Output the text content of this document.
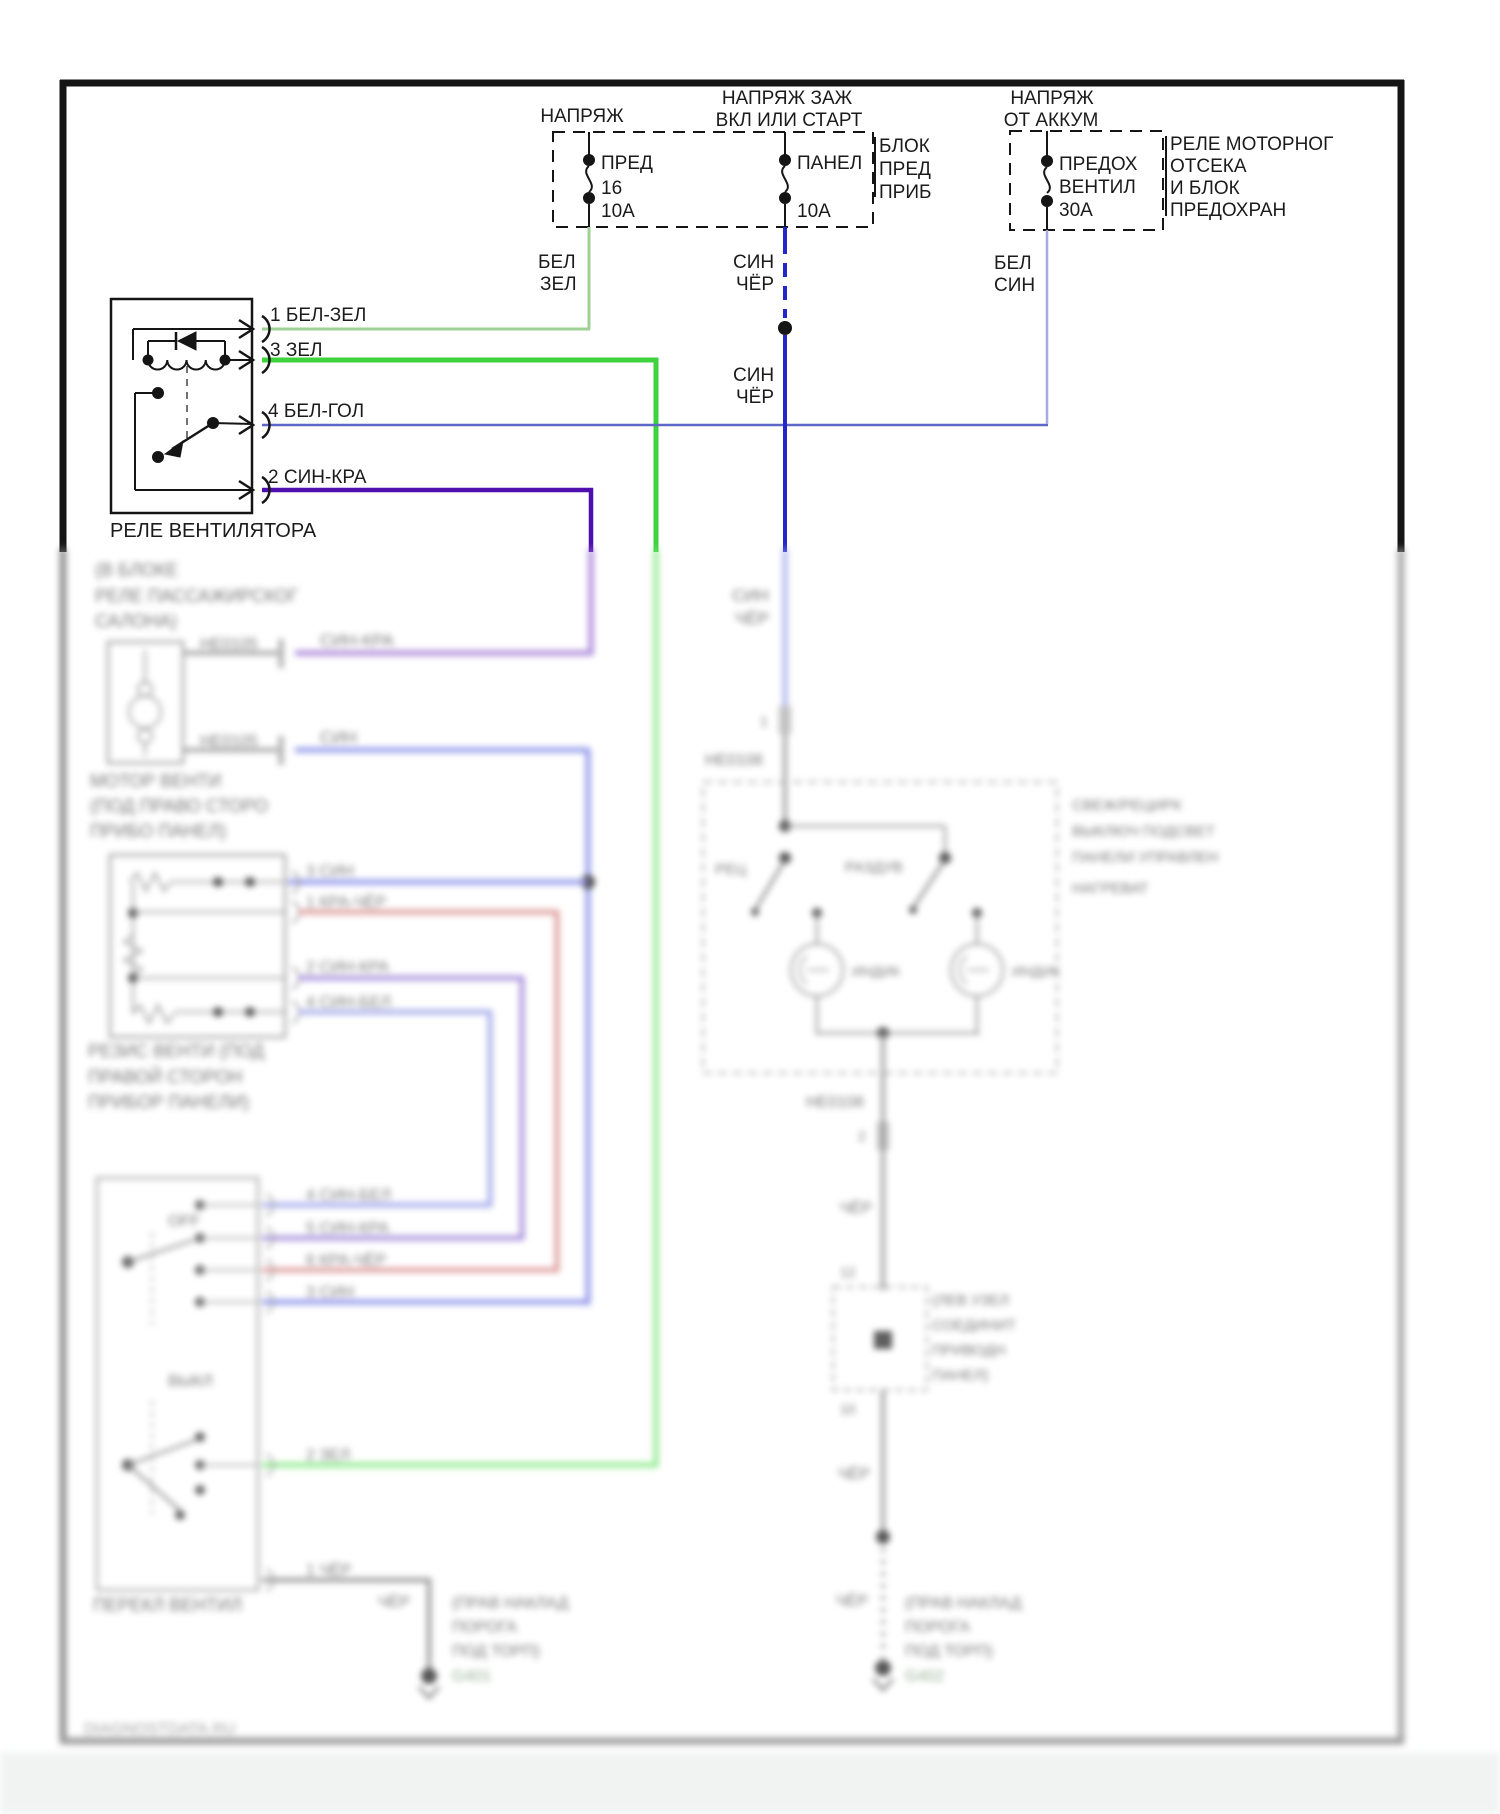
НАПРЯЖ
НАПРЯЖ ЗАЖ
ВКЛ ИЛИ СТАРТ
НАПРЯЖ
ОТ АККУМ
БЛОК
ПРЕД
ПРИБ
РЕЛЕ МОТОРНОГ
ОТСЕКА
И БЛОК
ПРЕДОХРАН
ПРЕД
16
10А
ПАНЕЛ
10А
ПРЕДОХ
ВЕНТИЛ
30А
БЕЛ
ЗЕЛ
СИН
ЧЁР
СИН
ЧЁР
БЕЛ
СИН
1 БЕЛ-ЗЕЛ
3 ЗЕЛ
4 БЕЛ-ГОЛ
2 СИН-КРА
РЕЛЕ ВЕНТИЛЯТОРА
(В БЛОКЕ
РЕЛЕ ПАССАЖИРСКОГ
САЛОНА)
НЕ0105
НЕ0105
СИН-КРА
СИН
МОТОР ВЕНТИ
(ПОД ПРАВО СТОРО
ПРИБО ПАНЕЛ)
3 СИН
1 КРА-ЧЁР
2 СИН-КРА
4 СИН-БЕЛ
РЕЗИС ВЕНТИ (ПОД
ПРАВОЙ СТОРОН
ПРИБОР ПАНЕЛИ)
OFF
ВЫКЛ
4 СИН-БЕЛ
5 СИН-КРА
6 КРА-ЧЁР
3 СИН
2 ЗЕЛ
1 ЧЁР
ЧЁР	(ПРАВ НАКЛАД
ПОРОГА
ПОД ТОРП)
G401
ПЕРЕКЛ ВЕНТИЛ
СИН
ЧЁР
1
НЕ0108
РЕЦ	РАЗДУВ
ИНДИК	ИНДИК
СВЕЖ/РЕЦИРК
ВЫКЛЮЧ ПОДСВЕТ
ПАНЕЛИ УПРАВЛЕН
НАГРЕВАТ
НЕ0108
2
ЧЁР
12
(ЛЕВ УЗЕЛ
СОЕДИНИТ
ПРИВОДН
ПАНЕЛ)
10
ЧЁР
ЧЁР (ПРАВ НАКЛАД
ПОРОГА
ПОД ТОРП)
G402
DIAGNOSTDATA.RU
